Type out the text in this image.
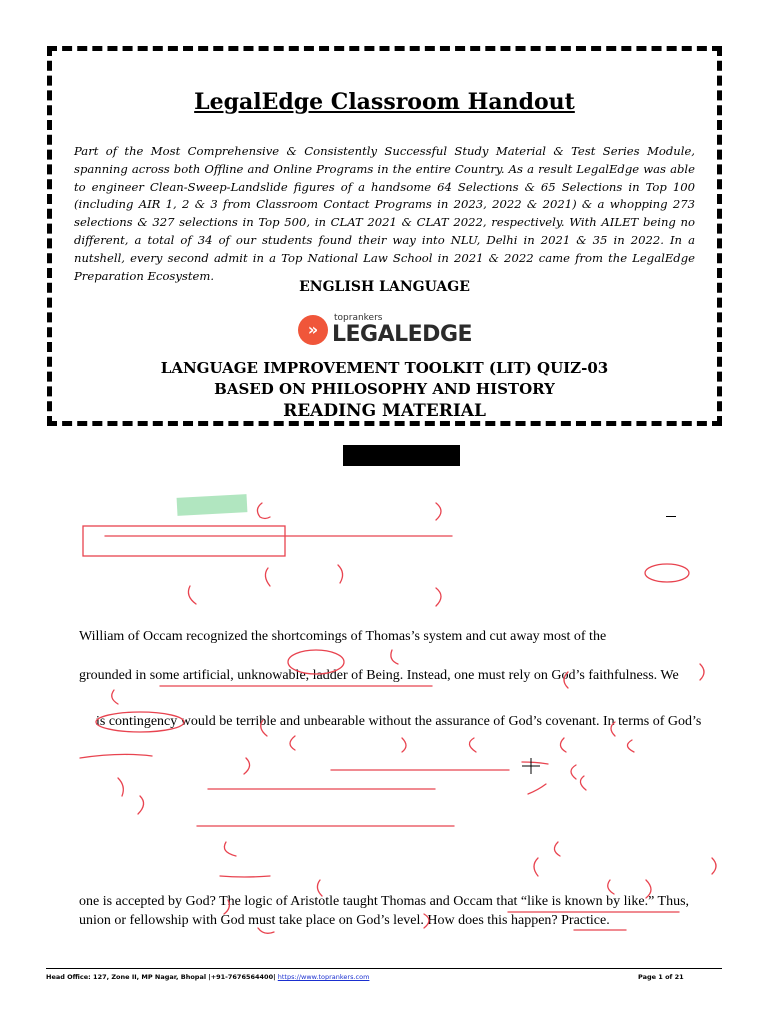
LegalEdge Classroom Handout
Part of the Most Comprehensive & Consistently Successful Study Material & Test Series Module, spanning across both Offline and Online Programs in the entire Country. As a result LegalEdge was able to engineer Clean-Sweep-Landslide figures of a handsome 64 Selections & 65 Selections in Top 100 (including AIR 1, 2 & 3 from Classroom Contact Programs in 2023, 2022 & 2021) & a whopping 273 selections & 327 selections in Top 500, in CLAT 2021 & CLAT 2022, respectively. With AILET being no different, a total of 34 of our students found their way into NLU, Delhi in 2021 & 35 in 2022. In a nutshell, every second admit in a Top National Law School in 2021 & 2022 came from the LegalEdge Preparation Ecosystem.
ENGLISH LANGUAGE
»
toprankers
LEGALEDGE
LANGUAGE IMPROVEMENT TOOLKIT (LIT) QUIZ-03
BASED ON PHILOSOPHY AND HISTORY
READING MATERIAL
William of Occam recognized the shortcomings of Thomas’s system and cut away most of the
grounded in some artificial, unknowable, ladder of Being. Instead, one must rely on God’s faithfulness. We
is contingency would be terrible and unbearable without the assurance of God’s covenant. In terms of God’s
one is accepted by God? The logic of Aristotle taught Thomas and Occam that “like is known by like.” Thus,
union or fellowship with God must take place on God’s level. How does this happen? Practice.
Head Office: 127, Zone II, MP Nagar, Bhopal |+91-7676564400| https://www.toprankers.com	Page 1 of 21
